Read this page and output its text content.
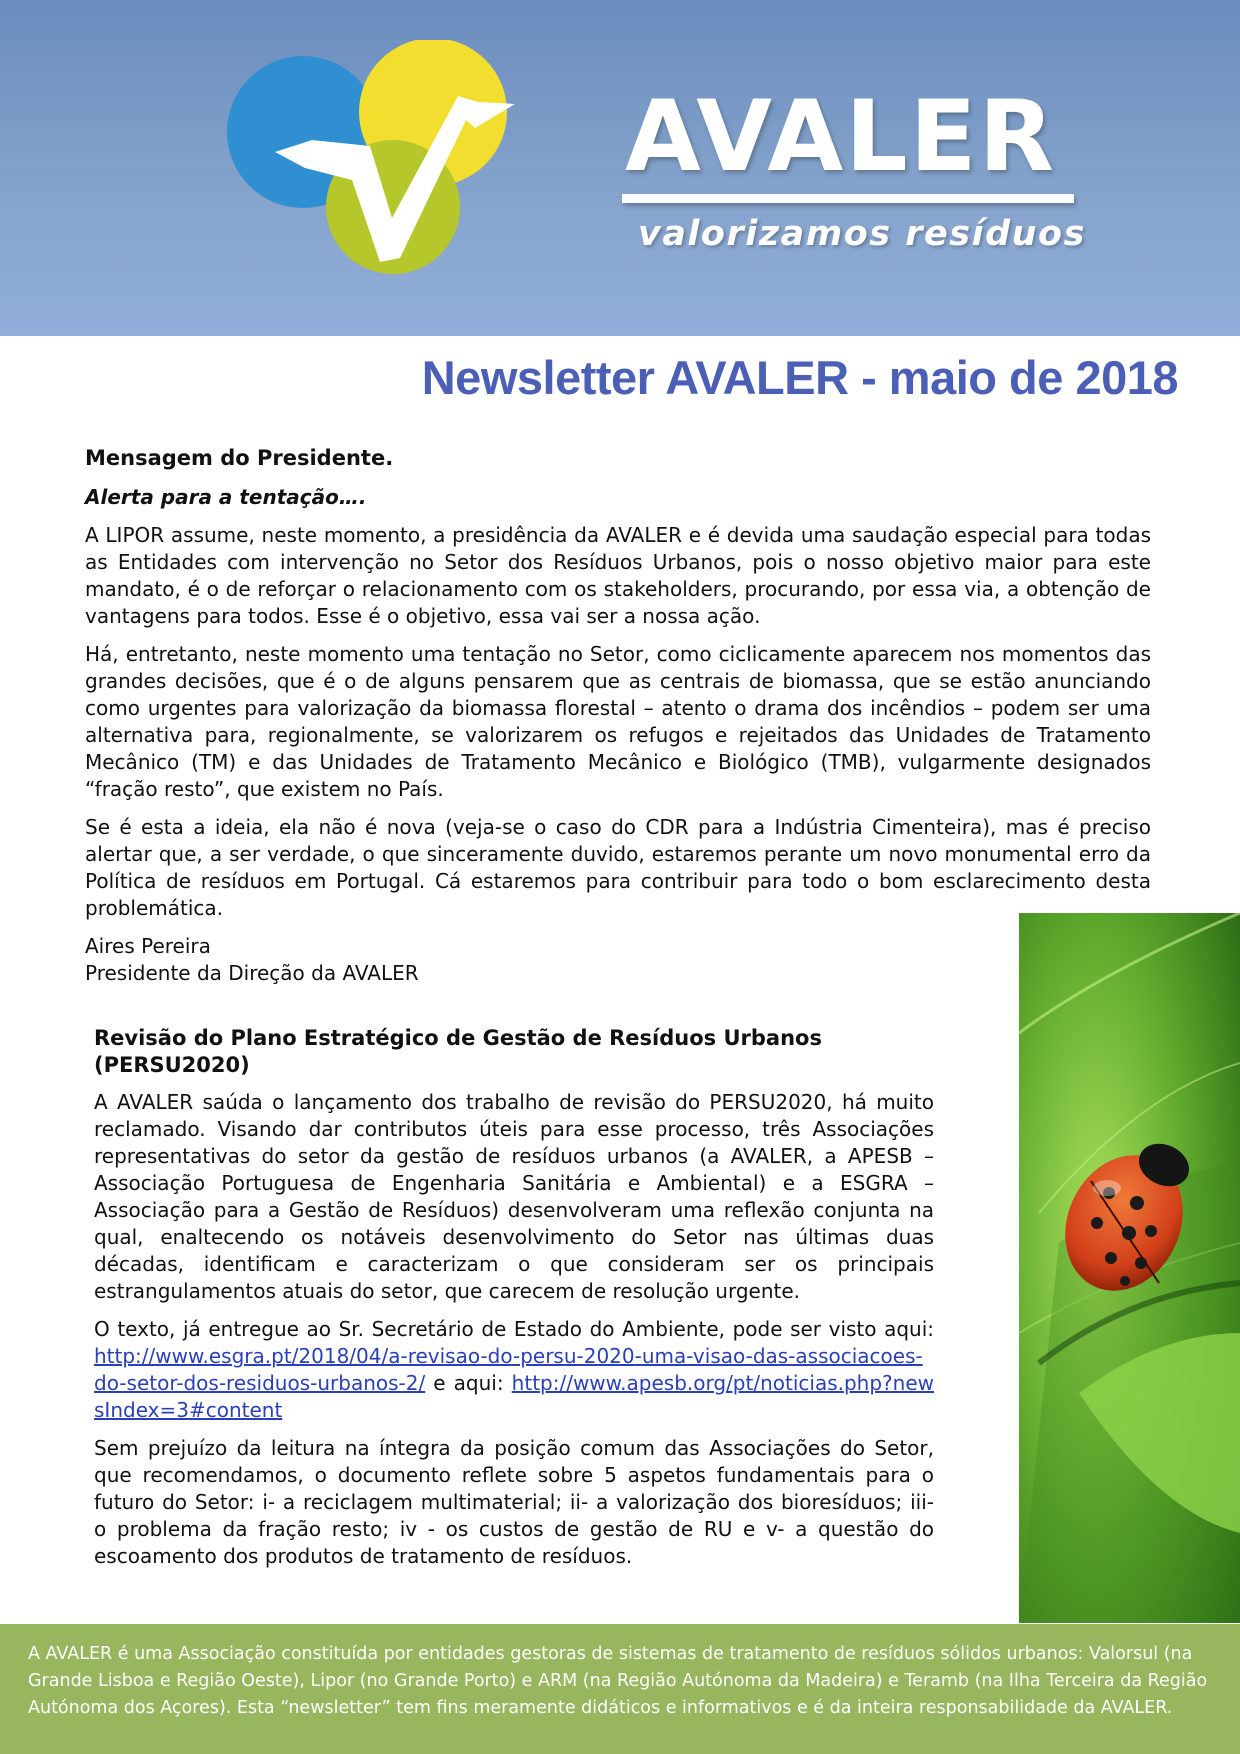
AVALER
valorizamos resíduos
Newsletter AVALER - maio de 2018

Mensagem do Presidente.

Alerta para a tentação….

A LIPOR assume, neste momento, a presidência da AVALER e é devida uma saudação especial para todas as Entidades com intervenção no Setor dos Resíduos Urbanos, pois o nosso objetivo maior para este mandato, é o de reforçar o relacionamento com os stakeholders, procurando, por essa via, a obtenção de vantagens para todos. Esse é o objetivo, essa vai ser a nossa ação.

Há, entretanto, neste momento uma tentação no Setor, como ciclicamente aparecem nos momentos das grandes decisões, que é o de alguns pensarem que as centrais de biomassa, que se estão anunciando como urgentes para valorização da biomassa florestal – atento o drama dos incêndios – podem ser uma alternativa para, regionalmente, se valorizarem os refugos e rejeitados das Unidades de Tratamento Mecânico (TM) e das Unidades de Tratamento Mecânico e Biológico (TMB), vulgarmente designados “fração resto”, que existem no País.

Se é esta a ideia, ela não é nova (veja-se o caso do CDR para a Indústria Cimenteira), mas é preciso alertar que, a ser verdade, o que sinceramente duvido, estaremos perante um novo monumental erro da Política de resíduos em Portugal. Cá estaremos para contribuir para todo o bom esclarecimento desta problemática.

Aires Pereira

Presidente da Direção da AVALER

Revisão do Plano Estratégico de Gestão de Resíduos Urbanos (PERSU2020)

A AVALER saúda o lançamento dos trabalho de revisão do PERSU2020, há muito reclamado. Visando dar contributos úteis para esse processo, três Associações representativas do setor da gestão de resíduos urbanos (a AVALER, a APESB – Associação Portuguesa de Engenharia Sanitária e Ambiental) e a ESGRA – Associação para a Gestão de Resíduos) desenvolveram uma reflexão conjunta na qual, enaltecendo os notáveis desenvolvimento do Setor nas últimas duas décadas, identificam e caracterizam o que consideram ser os principais estrangulamentos atuais do setor, que carecem de resolução urgente.

O texto, já entregue ao Sr. Secretário de Estado do Ambiente, pode ser visto aqui: http://www.esgra.pt/2018/04/a-revisao-do-persu-2020-uma-visao-das-associacoes-do-setor-dos-residuos-urbanos-2/ e aqui: http://www.apesb.org/pt/noticias.php?newsIndex=3#content

Sem prejuízo da leitura na íntegra da posição comum das Associações do Setor, que recomendamos, o documento reflete sobre 5 aspetos fundamentais para o futuro do Setor: i- a reciclagem multimaterial; ii- a valorização dos bioresíduos; iii- o problema da fração resto; iv - os custos de gestão de RU e v- a questão do escoamento dos produtos de tratamento de resíduos.

A AVALER é uma Associação constituída por entidades gestoras de sistemas de tratamento de resíduos sólidos urbanos: Valorsul (na Grande Lisboa e Região Oeste), Lipor (no Grande Porto) e ARM (na Região Autónoma da Madeira) e Teramb (na Ilha Terceira da Região Autónoma dos Açores). Esta “newsletter” tem fins meramente didáticos e informativos e é da inteira responsabilidade da AVALER.
